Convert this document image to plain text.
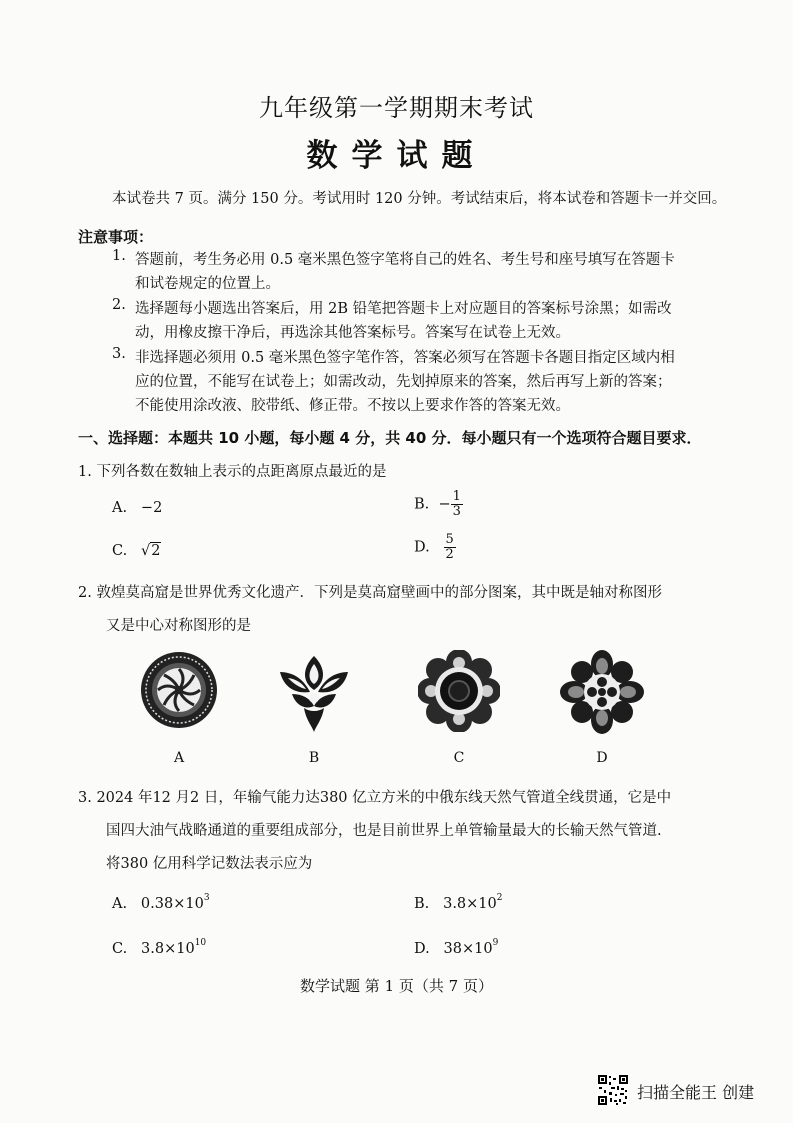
九年级第一学期期末考试
数学试题
本试卷共 7 页。满分 150 分。考试用时 120 分钟。考试结束后，将本试卷和答题卡一并交回。
注意事项：
1. 答题前，考生务必用 0.5 毫米黑色签字笔将自己的姓名、考生号和座号填写在答题卡
和试卷规定的位置上。
2. 选择题每小题选出答案后，用 2B 铅笔把答题卡上对应题目的答案标号涂黑；如需改
动，用橡皮擦干净后，再选涂其他答案标号。答案写在试卷上无效。
3. 非选择题必须用 0.5 毫米黑色签字笔作答，答案必须写在答题卡各题目指定区域内相
应的位置，不能写在试卷上；如需改动，先划掉原来的答案，然后再写上新的答案；
不能使用涂改液、胶带纸、修正带。不按以上要求作答的答案无效。
一、选择题：本题共 10 小题，每小题 4 分，共 40 分．每小题只有一个选项符合题目要求．
1. 下列各数在数轴上表示的点距离原点最近的是
A. −2	B. − $\frac{1}{3}$
C. √2	D. $\frac{5}{2}$
2. 敦煌莫高窟是世界优秀文化遗产．下列是莫高窟壁画中的部分图案，其中既是轴对称图形
又是中心对称图形的是
A	B	C	D
3. 2024 年12 月2 日，年输气能力达380 亿立方米的中俄东线天然气管道全线贯通，它是中
国四大油气战略通道的重要组成部分，也是目前世界上单管输量最大的长输天然气管道.
将380 亿用科学记数法表示应为
A. $0.38\times 10^3$	B. $3.8\times 10^2$
C. $3.8\times 10^{10}$	D. $38\times 10^9$
数学试题 第 1 页（共 7 页）
扫描全能王 创建
